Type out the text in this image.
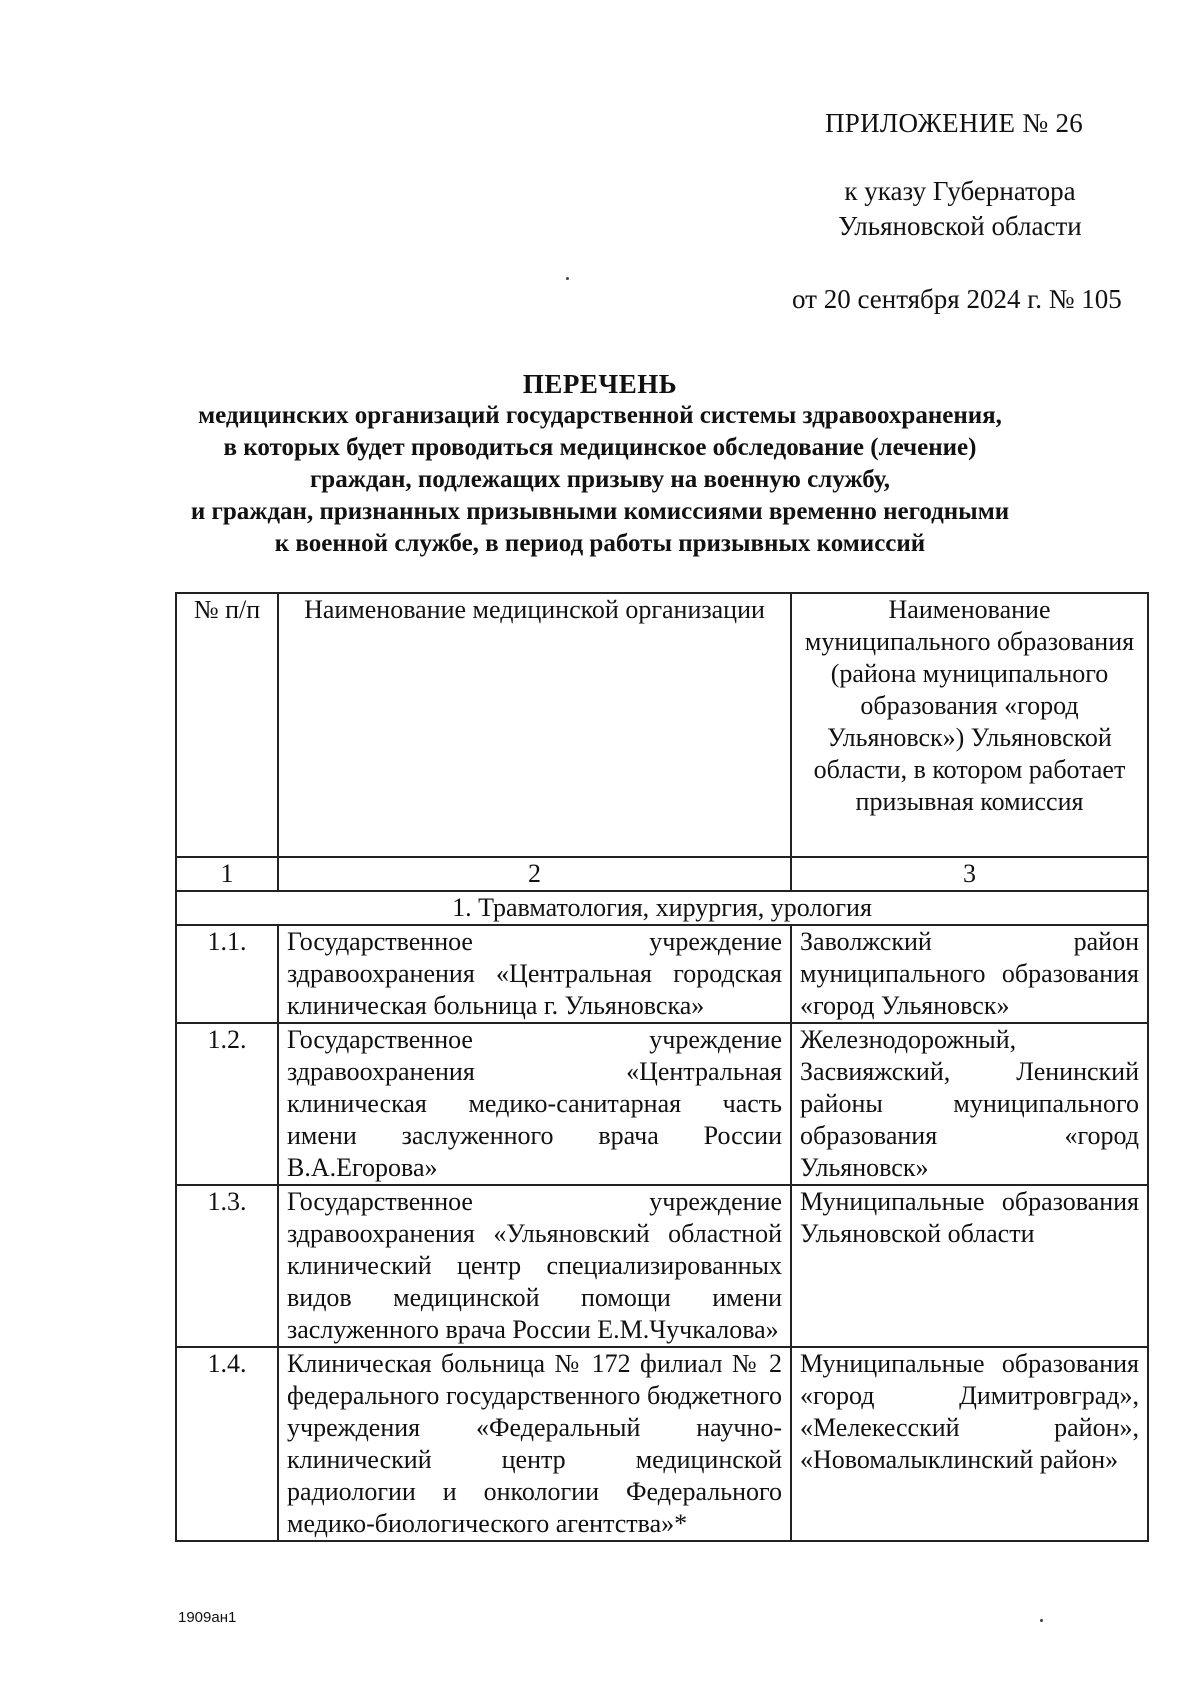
ПРИЛОЖЕНИЕ № 26
к указу Губернатора
Ульяновской области
от 20 сентября 2024 г. № 105
ПЕРЕЧЕНЬ
медицинских организаций государственной системы здравоохранения,
в которых будет проводиться медицинское обследование (лечение)
граждан, подлежащих призыву на военную службу,
и граждан, признанных призывными комиссиями временно негодными
к военной службе, в период работы призывных комиссий
№ п/п	Наименование медицинской организации	Наименование муниципального образования (района муниципального образования «город Ульяновск») Ульяновской области, в котором работает призывная комиссия
1	2	3
1. Травматология, хирургия, урология		
1.1.	Государственное учреждение здравоохранения «Центральная городская клиническая больница г. Ульяновска»	Заволжский район муниципального образования «город Ульяновск»
1.2.	Государственное учреждение здравоохранения «Центральная клиническая медико-санитарная часть имени заслуженного врача России В.А.Егорова»	Железнодорожный, Засвияжский, Ленинский районы муниципального образования «город Ульяновск»
1.3.	Государственное учреждение здравоохранения «Ульяновский областной клинический центр специализированных видов медицинской помощи имени заслуженного врача России Е.М.Чучкалова»	Муниципальные образования Ульяновской области
1.4.	Клиническая больница № 172 филиал № 2 федерального государственного бюджетного учреждения «Федеральный научно-клинический центр медицинской радиологии и онкологии Федерального медико-биологического агентства»*	Муниципальные образования «город Димитровград», «Мелекесский район», «Новомалыклинский район»
1909ан1
